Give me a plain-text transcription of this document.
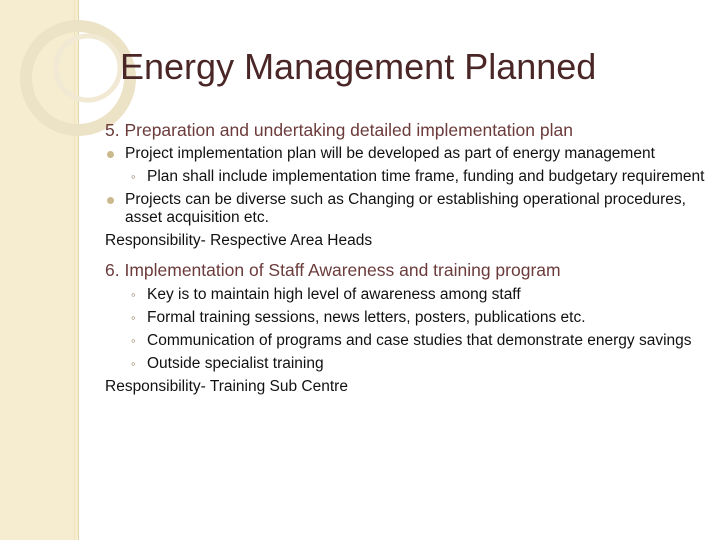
Energy Management Planned
5. Preparation and undertaking detailed implementation plan
Project implementation plan will be developed as part of energy management
◦ Plan shall include implementation time frame, funding and budgetary requirement
Projects can be diverse such as Changing or establishing operational procedures, asset acquisition etc.
Responsibility- Respective Area Heads
6. Implementation of Staff Awareness and training program
◦ Key is to maintain high level of awareness among staff
◦ Formal training sessions, news letters, posters, publications etc.
◦ Communication of programs and case studies that demonstrate energy savings
◦ Outside specialist training
Responsibility- Training Sub Centre
